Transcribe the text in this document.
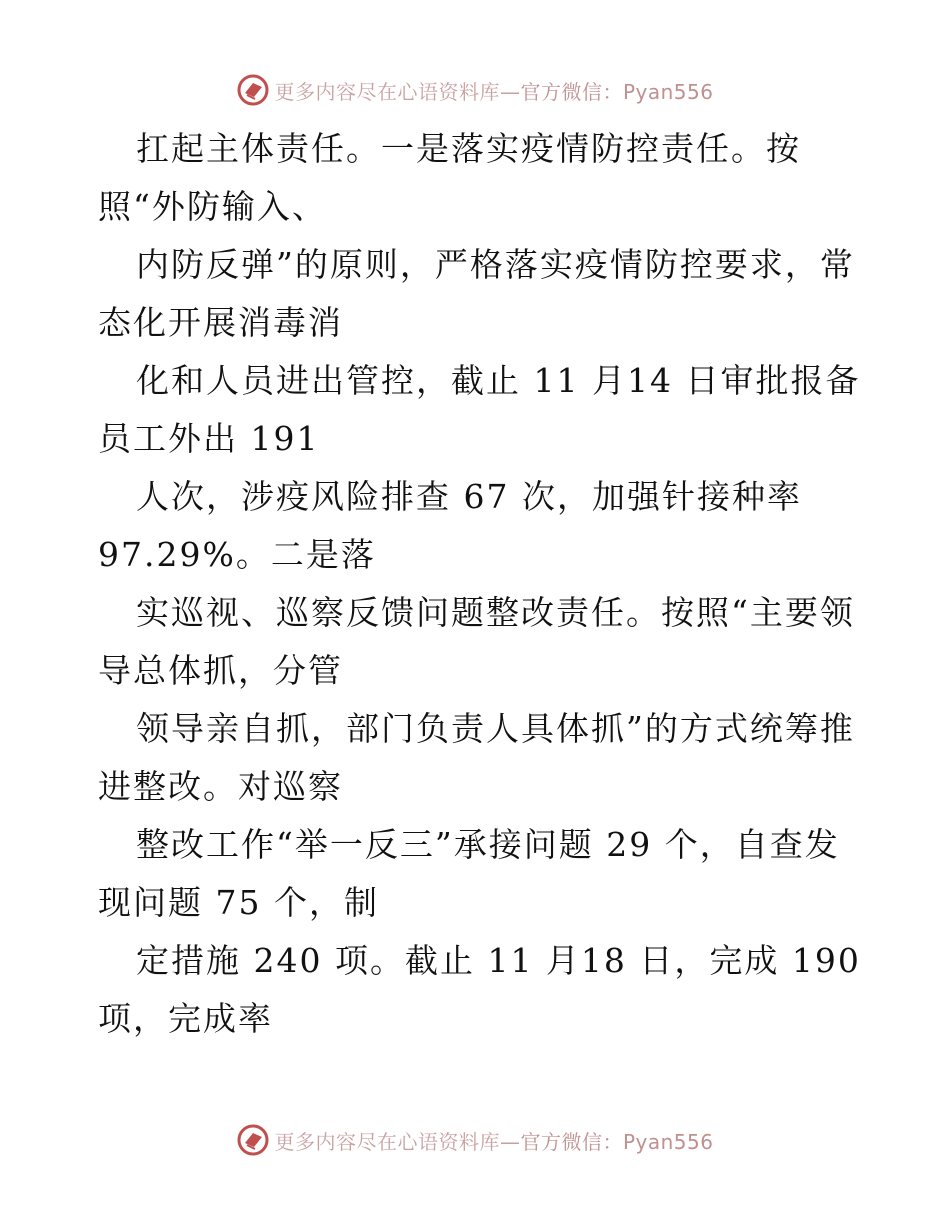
更多内容尽在心语资料库—官方微信：Pyan556
扛起主体责任。一是落实疫情防控责任。按
照“外防输入、
内防反弹”的原则，严格落实疫情防控要求，常
态化开展消毒消
化和人员进出管控，截止 11 月14 日审批报备
员工外出 191
人次，涉疫风险排查 67 次，加强针接种率
97.29%。二是落
实巡视、巡察反馈问题整改责任。按照“主要领
导总体抓，分管
领导亲自抓，部门负责人具体抓”的方式统筹推
进整改。对巡察
整改工作“举一反三”承接问题 29 个，自查发
现问题 75 个，制
定措施 240 项。截止 11 月18 日，完成 190
项，完成率
更多内容尽在心语资料库—官方微信：Pyan556
